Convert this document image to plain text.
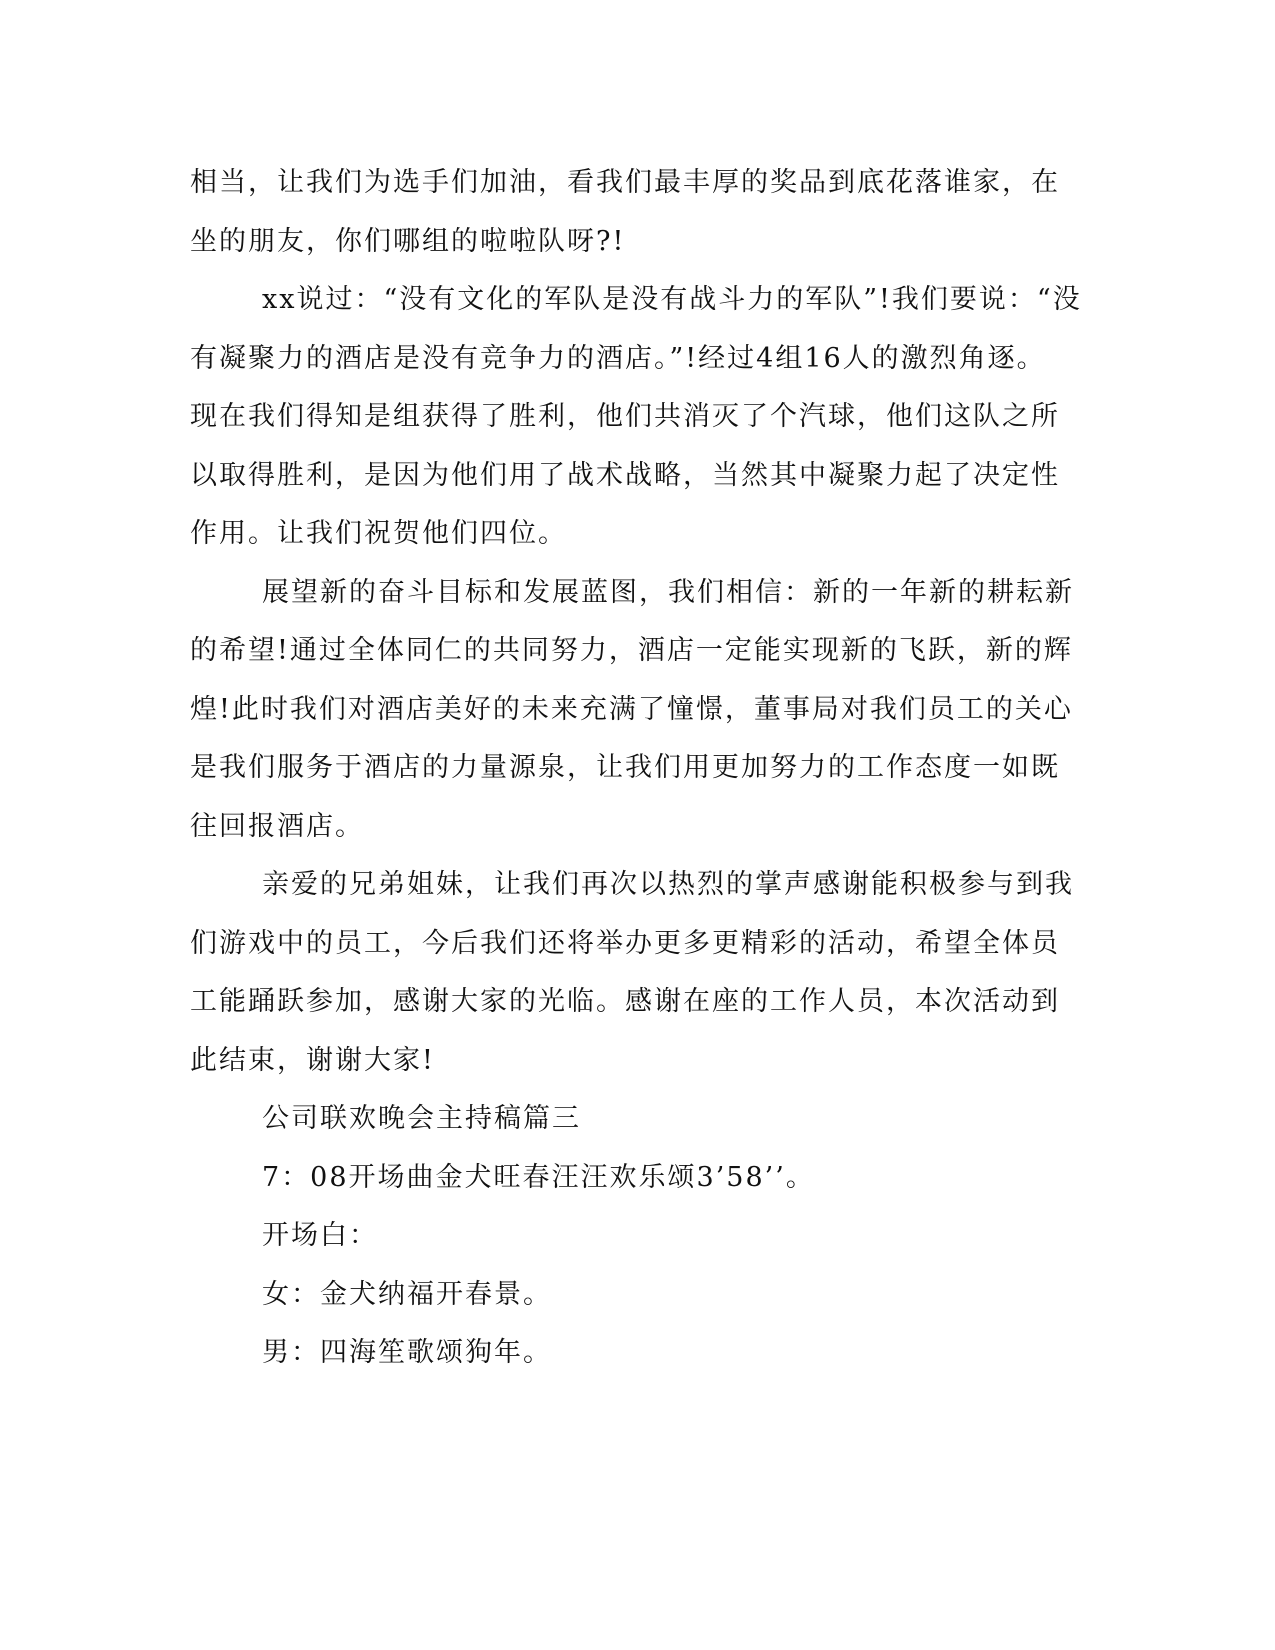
相当，让我们为选手们加油，看我们最丰厚的奖品到底花落谁家，在

坐的朋友，你们哪组的啦啦队呀?!

xx说过：“没有文化的军队是没有战斗力的军队”!我们要说：“没

有凝聚力的酒店是没有竞争力的酒店。”!经过4组16人的激烈角逐。

现在我们得知是组获得了胜利，他们共消灭了个汽球，他们这队之所

以取得胜利，是因为他们用了战术战略，当然其中凝聚力起了决定性

作用。让我们祝贺他们四位。

展望新的奋斗目标和发展蓝图，我们相信：新的一年新的耕耘新

的希望!通过全体同仁的共同努力，酒店一定能实现新的飞跃，新的辉

煌!此时我们对酒店美好的未来充满了憧憬，董事局对我们员工的关心

是我们服务于酒店的力量源泉，让我们用更加努力的工作态度一如既

往回报酒店。

亲爱的兄弟姐妹，让我们再次以热烈的掌声感谢能积极参与到我

们游戏中的员工，今后我们还将举办更多更精彩的活动，希望全体员

工能踊跃参加，感谢大家的光临。感谢在座的工作人员，本次活动到

此结束，谢谢大家!

公司联欢晚会主持稿篇三

7：08开场曲金犬旺春汪汪欢乐颂3’58’’。

开场白：

女：金犬纳福开春景。

男：四海笙歌颂狗年。
